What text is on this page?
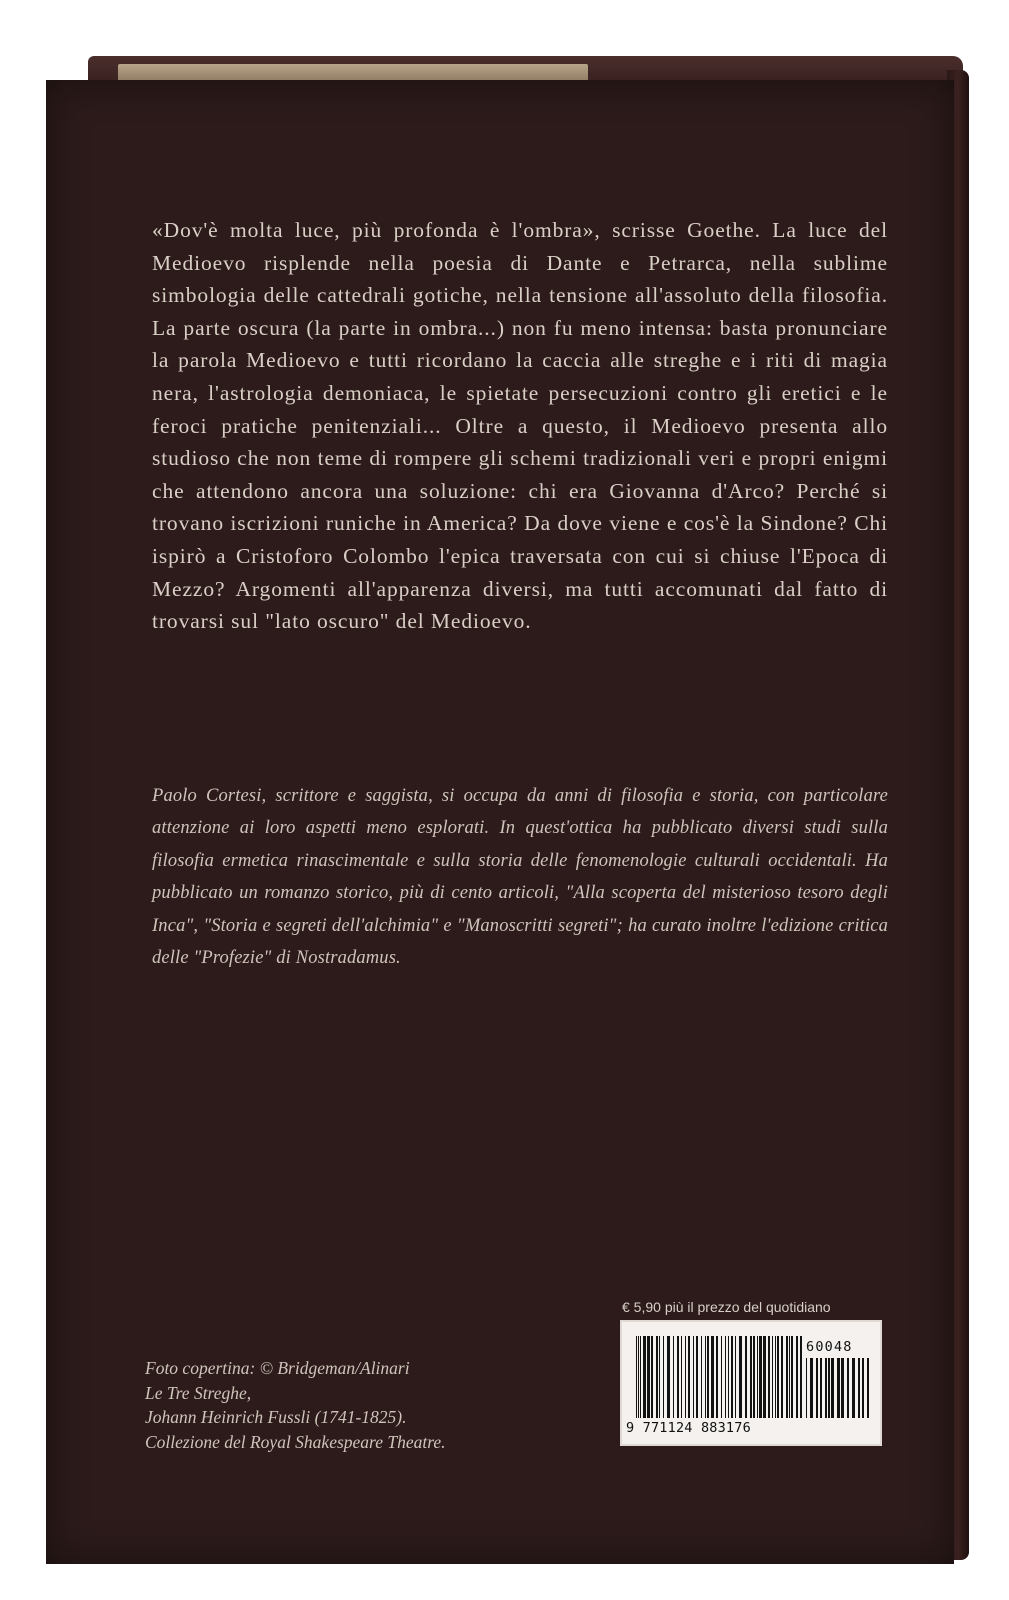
«Dov'è molta luce, più profonda è l'ombra», scrisse Goethe. La luce del Medioevo risplende nella poesia di Dante e Petrarca, nella sublime simbologia delle cattedrali gotiche, nella tensione all'assoluto della filosofia. La parte oscura (la parte in ombra...) non fu meno intensa: basta pronunciare la parola Medioevo e tutti ricordano la caccia alle streghe e i riti di magia nera, l'astrologia demoniaca, le spietate persecuzioni contro gli eretici e le feroci pratiche penitenziali... Oltre a questo, il Medioevo presenta allo studioso che non teme di rompere gli schemi tradizionali veri e propri enigmi che attendono ancora una soluzione: chi era Giovanna d'Arco? Perché si trovano iscrizioni runiche in America? Da dove viene e cos'è la Sindone? Chi ispirò a Cristoforo Colombo l'epica traversata con cui si chiuse l'Epoca di Mezzo? Argomenti all'apparenza diversi, ma tutti accomunati dal fatto di trovarsi sul "lato oscuro" del Medioevo.

Paolo Cortesi, scrittore e saggista, si occupa da anni di filosofia e storia, con particolare attenzione ai loro aspetti meno esplorati. In quest'ottica ha pubblicato diversi studi sulla filosofia ermetica rinascimentale e sulla storia delle fenomenologie culturali occidentali. Ha pubblicato un romanzo storico, più di cento articoli, "Alla scoperta del misterioso tesoro degli Inca", "Storia e segreti dell'alchimia" e "Manoscritti segreti"; ha curato inoltre l'edizione critica delle "Profezie" di Nostradamus.

Foto copertina: © Bridgeman/Alinari
Le Tre Streghe,
Johann Heinrich Fussli (1741-1825).
Collezione del Royal Shakespeare Theatre.
€ 5,90 più il prezzo del quotidiano
60048
9 771124 883176
